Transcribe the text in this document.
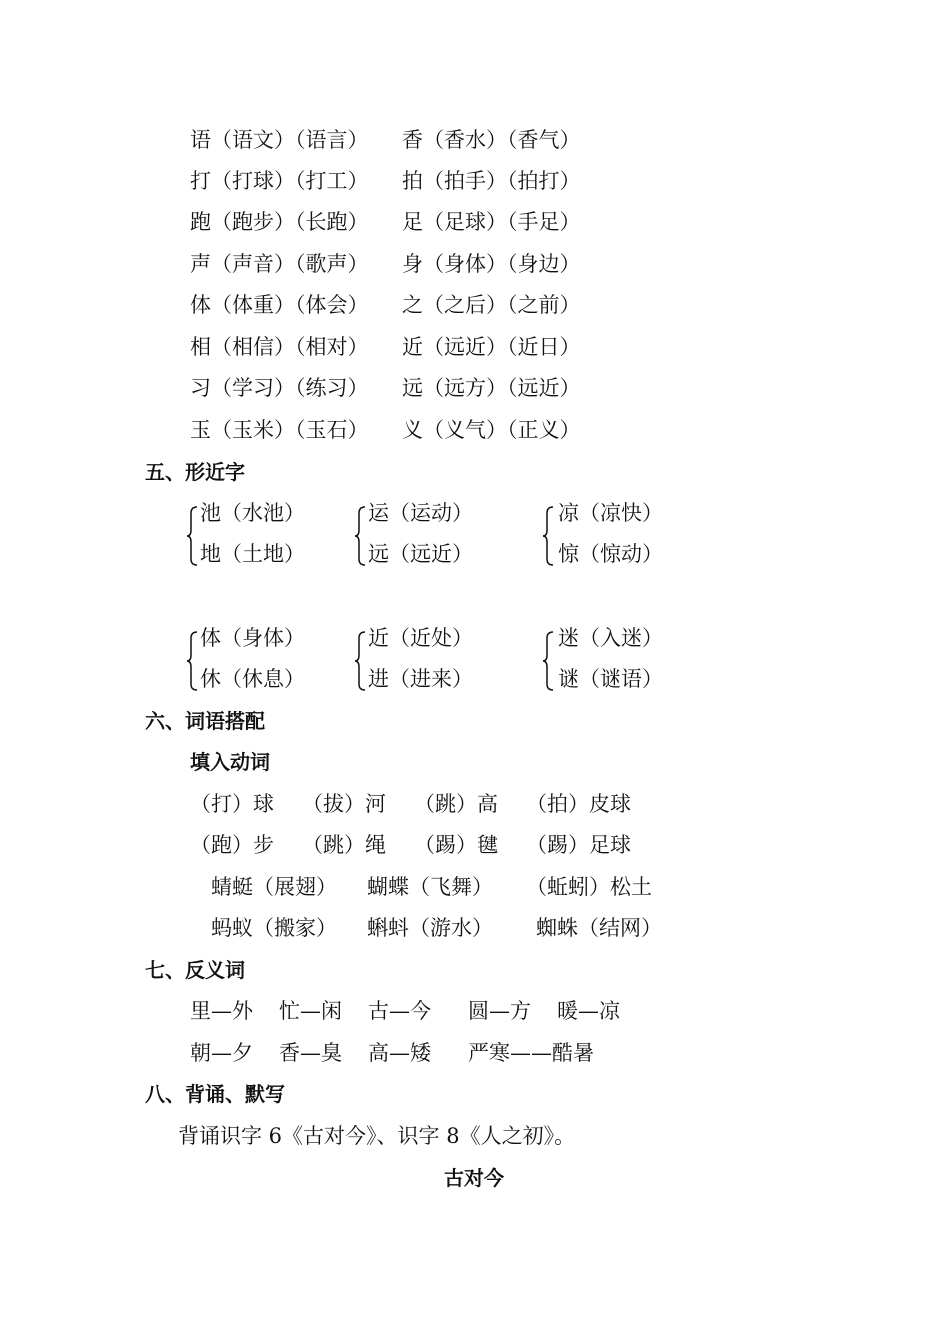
语（语文）（语言） 香（香水）（香气）
打（打球）（打工） 拍（拍手）（拍打）
跑（跑步）（长跑） 足（足球）（手足）
声（声音）（歌声） 身（身体）（身边）
体（体重）（体会） 之（之后）（之前）
相（相信）（相对） 近（远近）（近日）
习（学习）（练习） 远（远方）（远近）
玉（玉米）（玉石） 义（义气）（正义）
五、形近字
池（水池）
地（土地）
运（运动）
远（远近）
凉（凉快）
惊（惊动）
体（身体）
休（休息）
近（近处）
进（进来）
迷（入迷）
谜（谜语）
六、词语搭配
填入动词
（打）球 （拔）河 （跳）高 （拍）皮球
（跑）步 （跳）绳 （踢）毽 （踢）足球
蜻蜓（展翅） 蝴蝶（飞舞） （蚯蚓）松土
蚂蚁（搬家） 蝌蚪（游水） 蜘蛛（结网）
七、反义词
里—外 忙—闲 古—今 圆—方 暖—凉
朝—夕 香—臭 高—矮 严寒——酷暑
八、背诵、默写
背诵识字 6《古对今》、识字 8《人之初》。
古对今
